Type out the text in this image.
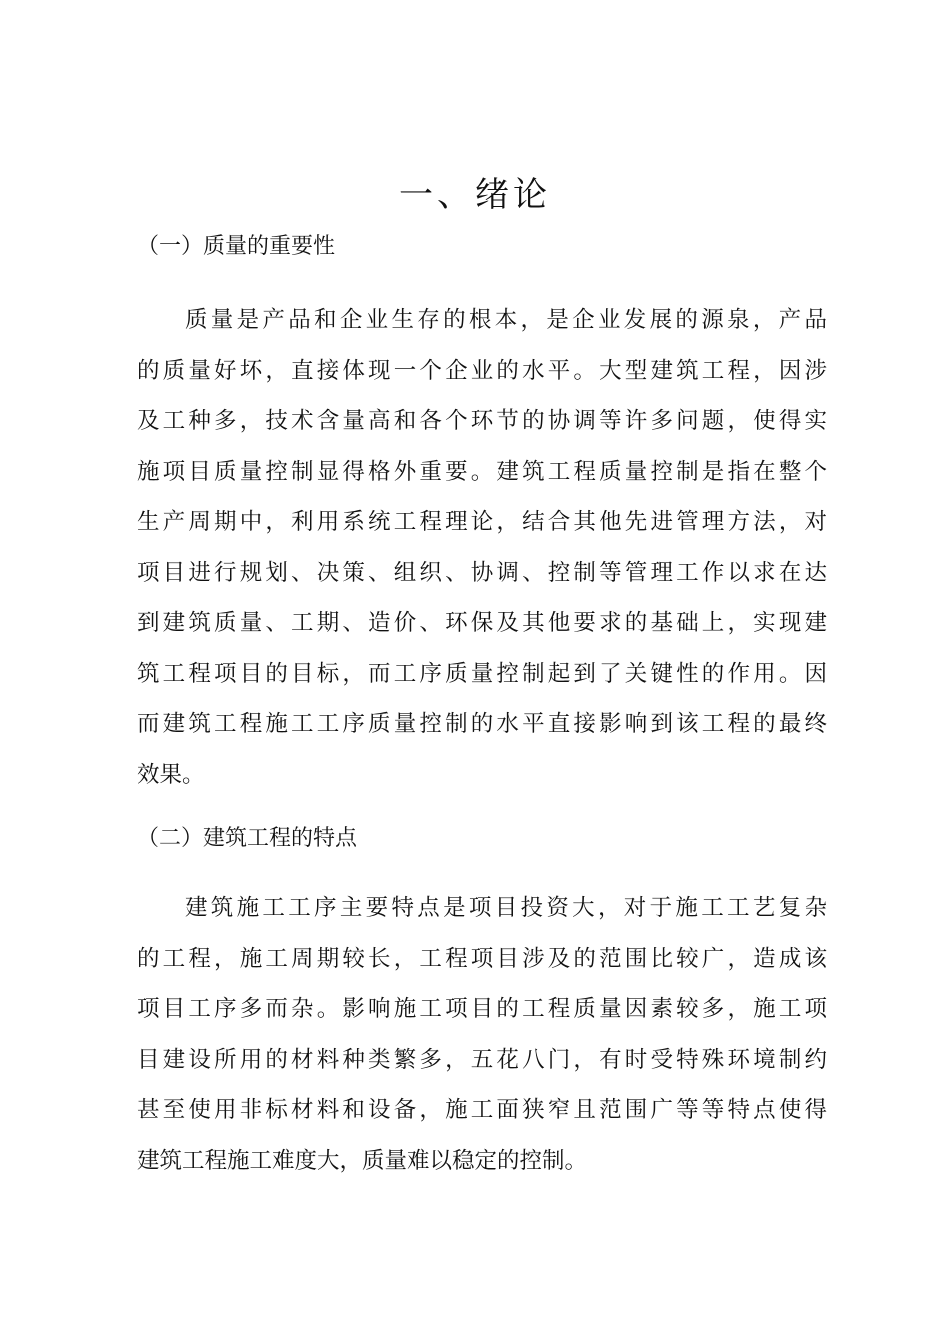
一、绪论
（一）质量的重要性
质量是产品和企业生存的根本，是企业发展的源泉，产品
的质量好坏，直接体现一个企业的水平。大型建筑工程，因涉
及工种多，技术含量高和各个环节的协调等许多问题，使得实
施项目质量控制显得格外重要。建筑工程质量控制是指在整个
生产周期中，利用系统工程理论，结合其他先进管理方法，对
项目进行规划、决策、组织、协调、控制等管理工作以求在达
到建筑质量、工期、造价、环保及其他要求的基础上，实现建
筑工程项目的目标，而工序质量控制起到了关键性的作用。因
而建筑工程施工工序质量控制的水平直接影响到该工程的最终
效果。
（二）建筑工程的特点
建筑施工工序主要特点是项目投资大，对于施工工艺复杂
的工程，施工周期较长，工程项目涉及的范围比较广，造成该
项目工序多而杂。影响施工项目的工程质量因素较多，施工项
目建设所用的材料种类繁多，五花八门，有时受特殊环境制约
甚至使用非标材料和设备，施工面狭窄且范围广等等特点使得
建筑工程施工难度大，质量难以稳定的控制。
